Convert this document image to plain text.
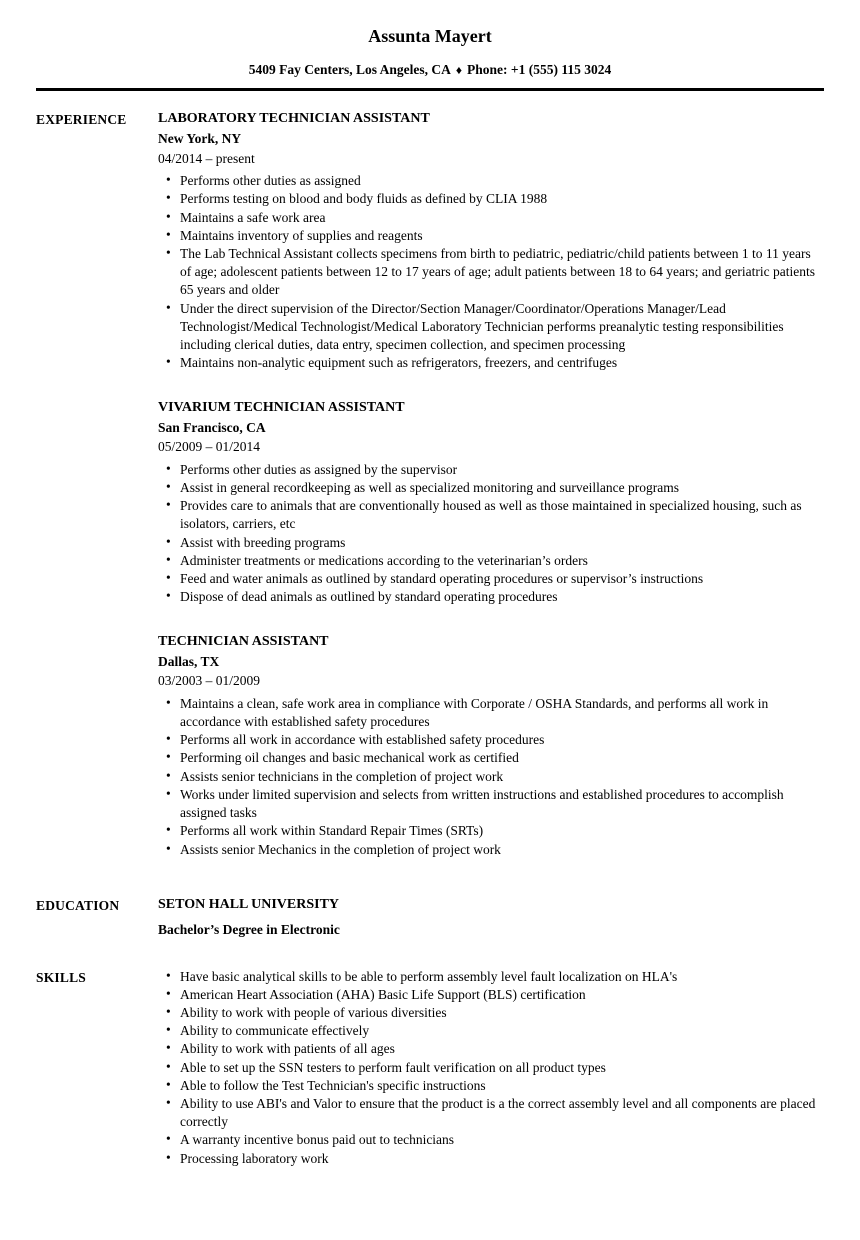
Assunta Mayert
5409 Fay Centers, Los Angeles, CA ♦ Phone: +1 (555) 115 3024
EXPERIENCE	LABORATORY TECHNICIAN ASSISTANT
New York, NY
04/2014 – present
• Performs other duties as assigned
• Performs testing on blood and body fluids as defined by CLIA 1988
• Maintains a safe work area
• Maintains inventory of supplies and reagents
• The Lab Technical Assistant collects specimens from birth to pediatric, pediatric/child patients between 1 to 11 years of age; adolescent patients between 12 to 17 years of age; adult patients between 18 to 64 years; and geriatric patients 65 years and older
• Under the direct supervision of the Director/Section Manager/Coordinator/Operations Manager/Lead Technologist/Medical Technologist/Medical Laboratory Technician performs preanalytic testing responsibilities including clerical duties, data entry, specimen collection, and specimen processing
• Maintains non-analytic equipment such as refrigerators, freezers, and centrifuges
VIVARIUM TECHNICIAN ASSISTANT
San Francisco, CA
05/2009 – 01/2014
• Performs other duties as assigned by the supervisor
• Assist in general recordkeeping as well as specialized monitoring and surveillance programs
• Provides care to animals that are conventionally housed as well as those maintained in specialized housing, such as isolators, carriers, etc
• Assist with breeding programs
• Administer treatments or medications according to the veterinarian’s orders
• Feed and water animals as outlined by standard operating procedures or supervisor’s instructions
• Dispose of dead animals as outlined by standard operating procedures
TECHNICIAN ASSISTANT
Dallas, TX
03/2003 – 01/2009
• Maintains a clean, safe work area in compliance with Corporate / OSHA Standards, and performs all work in accordance with established safety procedures
• Performs all work in accordance with established safety procedures
• Performing oil changes and basic mechanical work as certified
• Assists senior technicians in the completion of project work
• Works under limited supervision and selects from written instructions and established procedures to accomplish assigned tasks
• Performs all work within Standard Repair Times (SRTs)
• Assists senior Mechanics in the completion of project work
EDUCATION	SETON HALL UNIVERSITY
Bachelor’s Degree in Electronic
SKILLS	• Have basic analytical skills to be able to perform assembly level fault localization on HLA's
• American Heart Association (AHA) Basic Life Support (BLS) certification
• Ability to work with people of various diversities
• Ability to communicate effectively
• Ability to work with patients of all ages
• Able to set up the SSN testers to perform fault verification on all product types
• Able to follow the Test Technician's specific instructions
• Ability to use ABI's and Valor to ensure that the product is a the correct assembly level and all components are placed correctly
• A warranty incentive bonus paid out to technicians
• Processing laboratory work
